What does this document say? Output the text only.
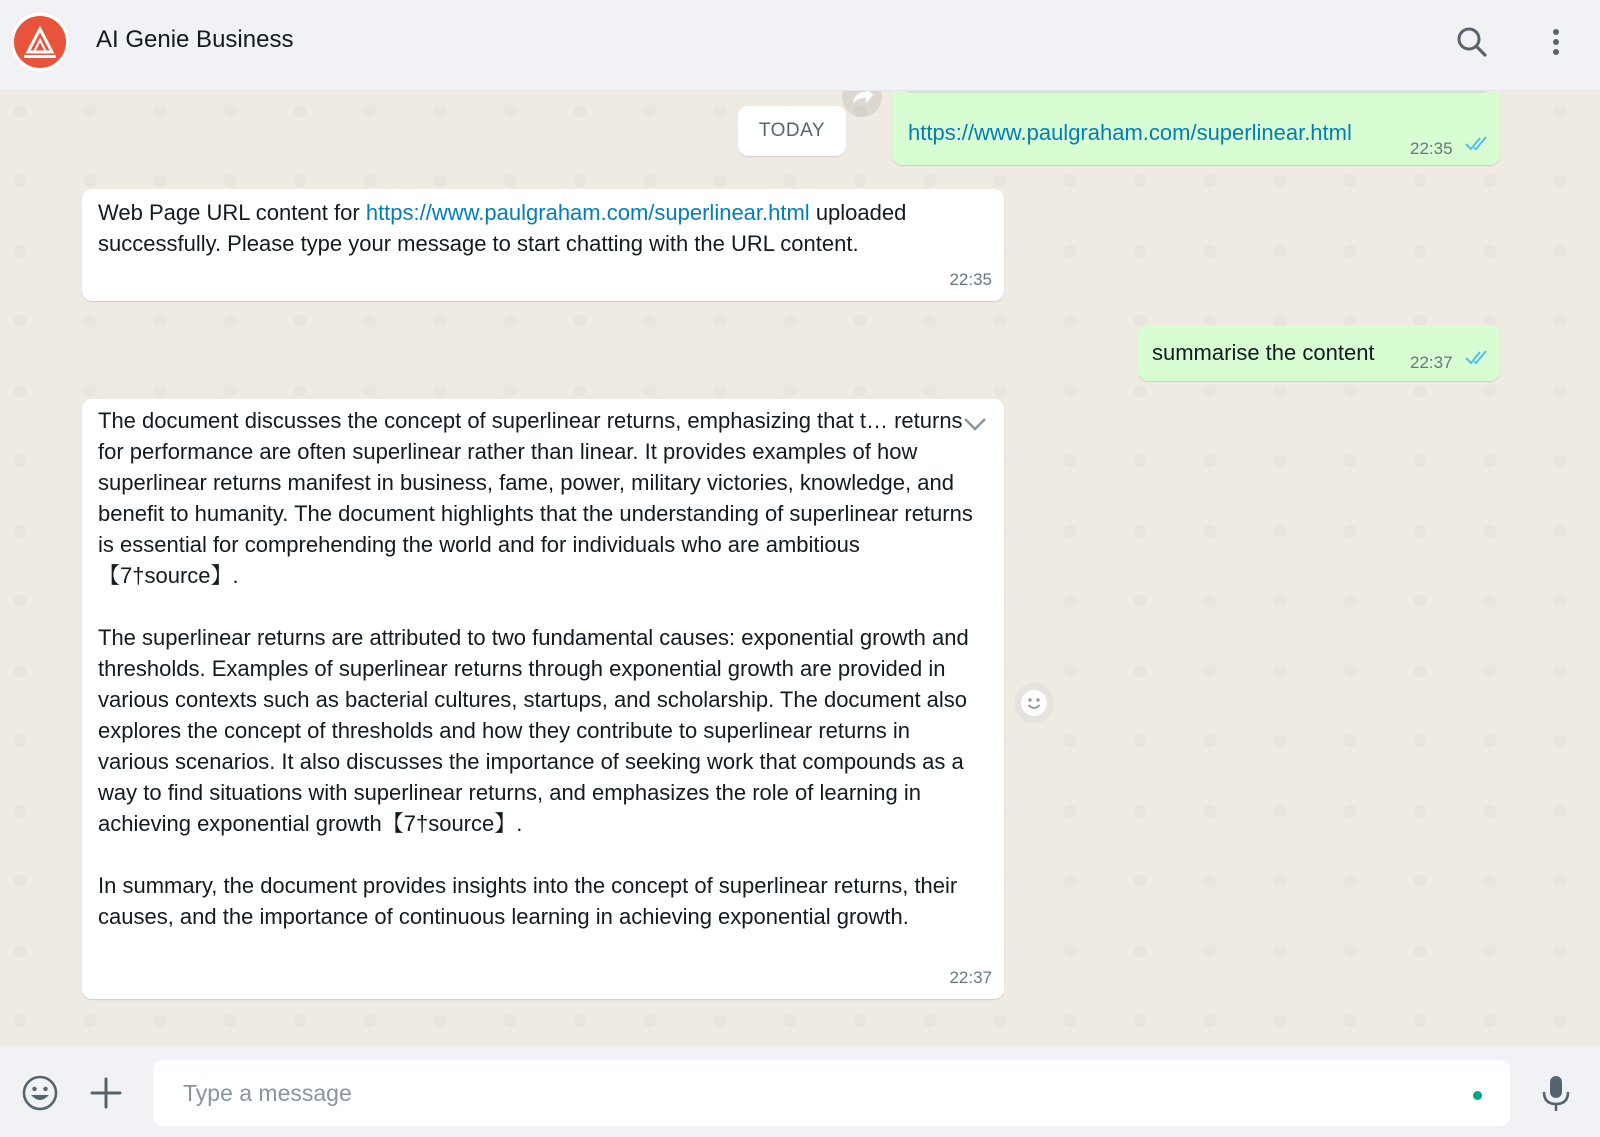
AI Genie Business
https://www.paulgraham.com/superlinear.html
22:35
TODAY
Web Page URL content for https://www.paulgraham.com/superlinear.html uploaded successfully. Please type your message to start chatting with the URL content.
22:35
summarise the content 22:37

The document discusses the concept of superlinear returns, emphasizing that t… returns for performance are often superlinear rather than linear. It provides examples of how superlinear returns manifest in business, fame, power, military victories, knowledge, and benefit to humanity. The document highlights that the understanding of superlinear returns is essential for comprehending the world and for individuals who are ambitious【7†source】.

The superlinear returns are attributed to two fundamental causes: exponential growth and thresholds. Examples of superlinear returns through exponential growth are provided in various contexts such as bacterial cultures, startups, and scholarship. The document also explores the concept of thresholds and how they contribute to superlinear returns in various scenarios. It also discusses the importance of seeking work that compounds as a way to find situations with superlinear returns, and emphasizes the role of learning in achieving exponential growth【7†source】.

In summary, the document provides insights into the concept of superlinear returns, their causes, and the importance of continuous learning in achieving exponential growth.

22:37
Type a message
